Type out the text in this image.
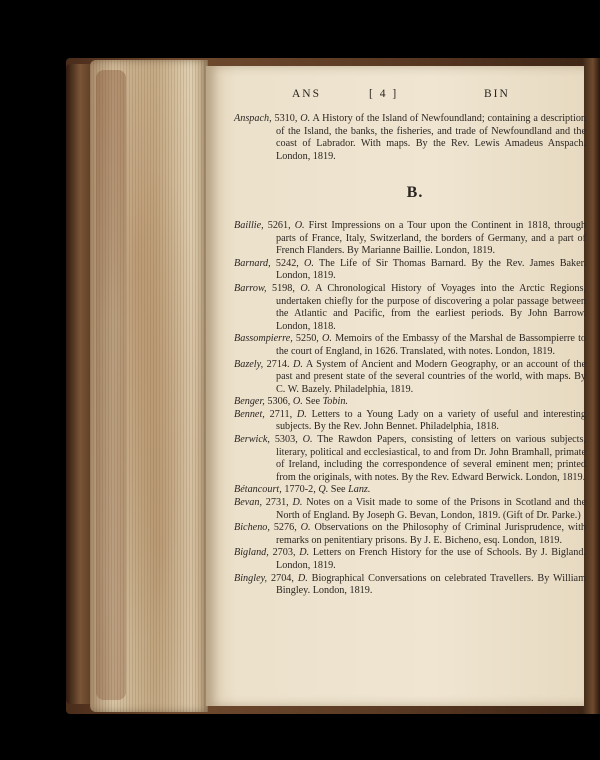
ANS	[ 4 ]	BIN

Anspach, 5310, O. A History of the Island of Newfoundland; containing a description of the Island, the banks, the fisheries, and trade of Newfoundland and the coast of Labrador. With maps. By the Rev. Lewis Amadeus Anspach. London, 1819.

B.

Baillie, 5261, O. First Impressions on a Tour upon the Continent in 1818, through parts of France, Italy, Switzerland, the borders of Germany, and a part of French Flanders. By Marianne Baillie. London, 1819.

Barnard, 5242, O. The Life of Sir Thomas Barnard. By the Rev. James Baker. London, 1819.

Barrow, 5198, O. A Chronological History of Voyages into the Arctic Regions, undertaken chiefly for the purpose of discovering a polar passage between the Atlantic and Pacific, from the earliest periods. By John Barrow. London, 1818.

Bassompierre, 5250, O. Memoirs of the Embassy of the Marshal de Bassompierre to the court of England, in 1626. Translated, with notes. London, 1819.

Bazely, 2714. D. A System of Ancient and Modern Geography, or an account of the past and present state of the several countries of the world, with maps. By C. W. Bazely. Philadelphia, 1819.

Benger, 5306, O. See Tobin.

Bennet, 2711, D. Letters to a Young Lady on a variety of useful and interesting subjects. By the Rev. John Bennet. Philadelphia, 1818.

Berwick, 5303, O. The Rawdon Papers, consisting of letters on various subjects, literary, political and ecclesiastical, to and from Dr. John Bramhall, primate of Ireland, including the correspondence of several eminent men; printed from the originals, with notes. By the Rev. Edward Berwick. London, 1819.

Bétancourt, 1770-2, Q. See Lanz.

Bevan, 2731, D. Notes on a Visit made to some of the Prisons in Scotland and the North of England. By Joseph G. Bevan, London, 1819. (Gift of Dr. Parke.)

Bicheno, 5276, O. Observations on the Philosophy of Criminal Jurisprudence, with remarks on penitentiary prisons. By J. E. Bicheno, esq. London, 1819.

Bigland, 2703, D. Letters on French History for the use of Schools. By J. Bigland. London, 1819.

Bingley, 2704, D. Biographical Conversations on celebrated Travellers. By William Bingley. London, 1819.
